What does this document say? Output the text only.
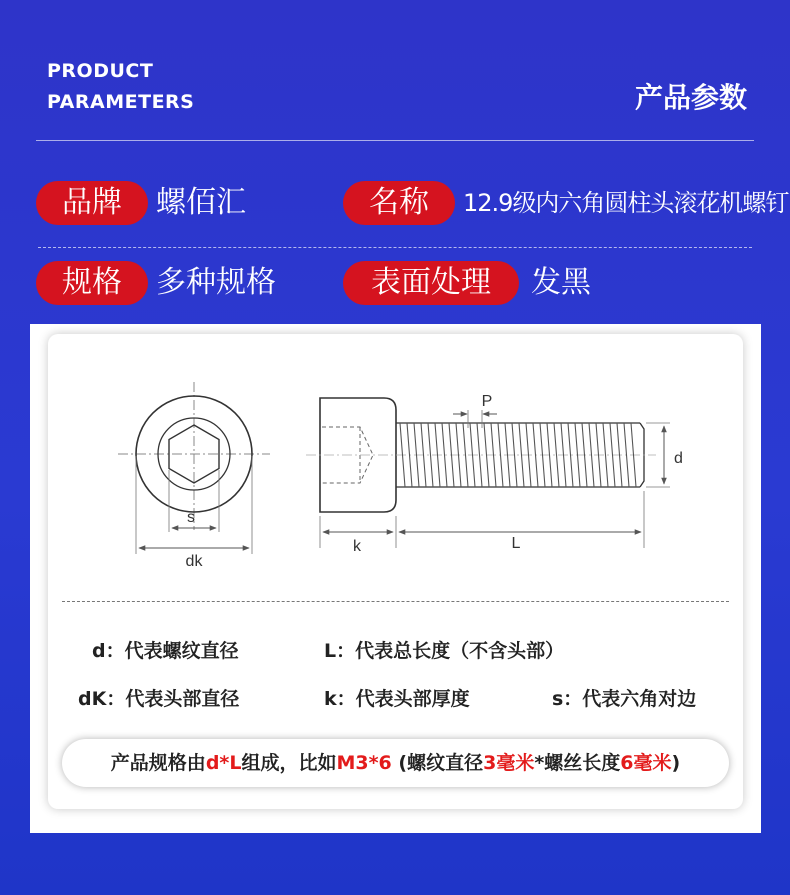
PRODUCT
PARAMETERS	产品参数
品牌	螺佰汇	名称	12.9级内六角圆柱头滚花机螺钉
规格	多种规格	表面处理	发黑
s
dk
P
d
k	L
d：代表螺纹直径	L：代表总长度（不含头部）
dK：代表头部直径	k：代表头部厚度	s：代表六角对边
产品规格由d*L组成，比如M3*6 (螺纹直径3毫米*螺丝长度6毫米)
